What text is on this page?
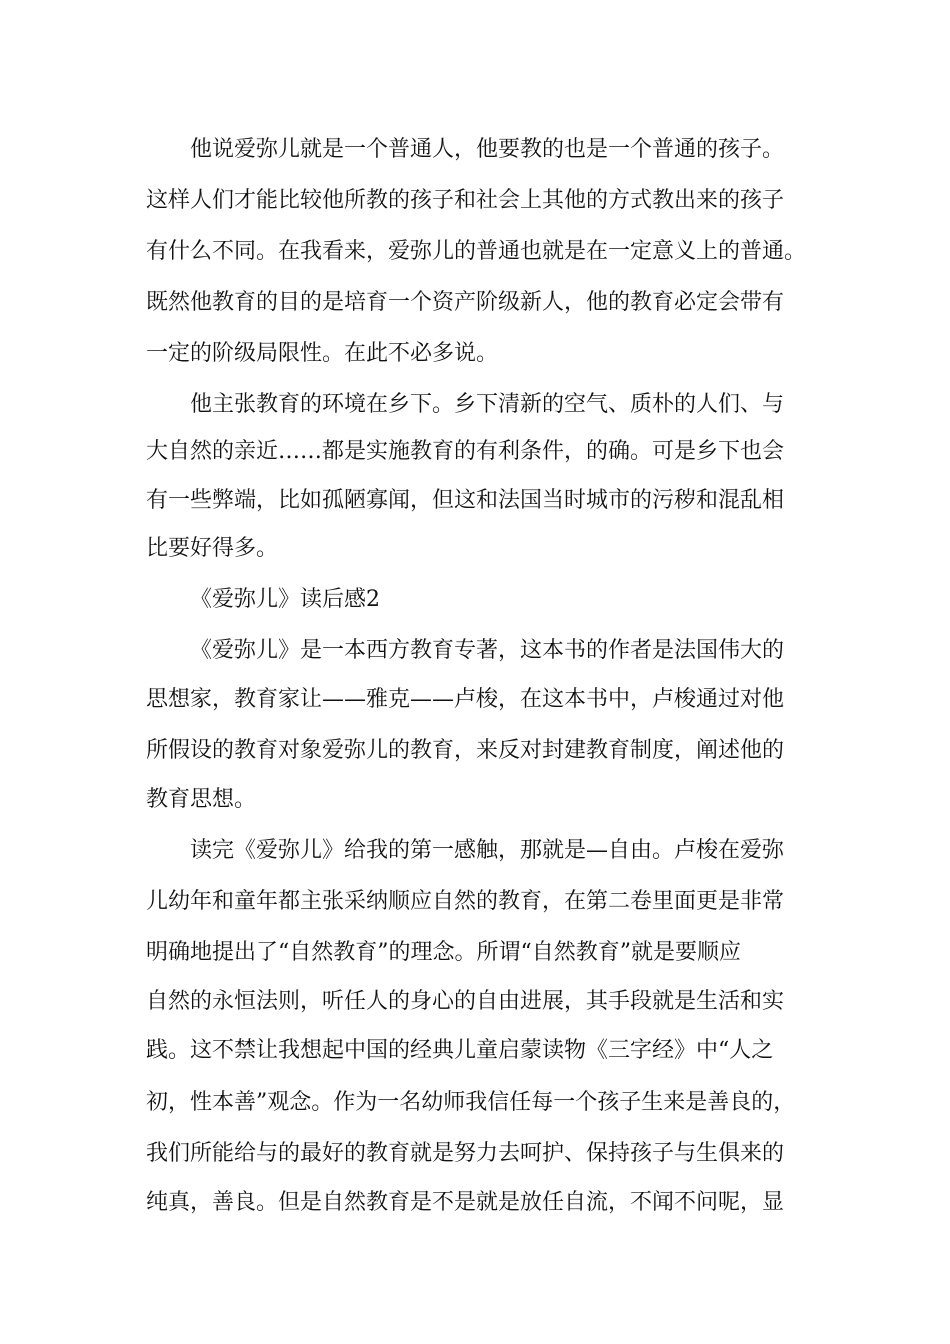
他说爱弥儿就是一个普通人，他要教的也是一个普通的孩子。
这样人们才能比较他所教的孩子和社会上其他的方式教出来的孩子
有什么不同。在我看来，爱弥儿的普通也就是在一定意义上的普通。
既然他教育的目的是培育一个资产阶级新人，他的教育必定会带有
一定的阶级局限性。在此不必多说。
他主张教育的环境在乡下。乡下清新的空气、质朴的人们、与
大自然的亲近……都是实施教育的有利条件，的确。可是乡下也会
有一些弊端，比如孤陋寡闻，但这和法国当时城市的污秽和混乱相
比要好得多。
《爱弥儿》读后感2
《爱弥儿》是一本西方教育专著，这本书的作者是法国伟大的
思想家，教育家让——雅克——卢梭，在这本书中，卢梭通过对他
所假设的教育对象爱弥儿的教育，来反对封建教育制度，阐述他的
教育思想。
读完《爱弥儿》给我的第一感触，那就是—自由。卢梭在爱弥
儿幼年和童年都主张采纳顺应自然的教育，在第二卷里面更是非常
明确地提出了“自然教育”的理念。所谓“自然教育”就是要顺应
自然的永恒法则，听任人的身心的自由进展，其手段就是生活和实
践。这不禁让我想起中国的经典儿童启蒙读物《三字经》中“人之
初，性本善”观念。作为一名幼师我信任每一个孩子生来是善良的，
我们所能给与的最好的教育就是努力去呵护、保持孩子与生俱来的
纯真，善良。但是自然教育是不是就是放任自流，不闻不问呢，显
